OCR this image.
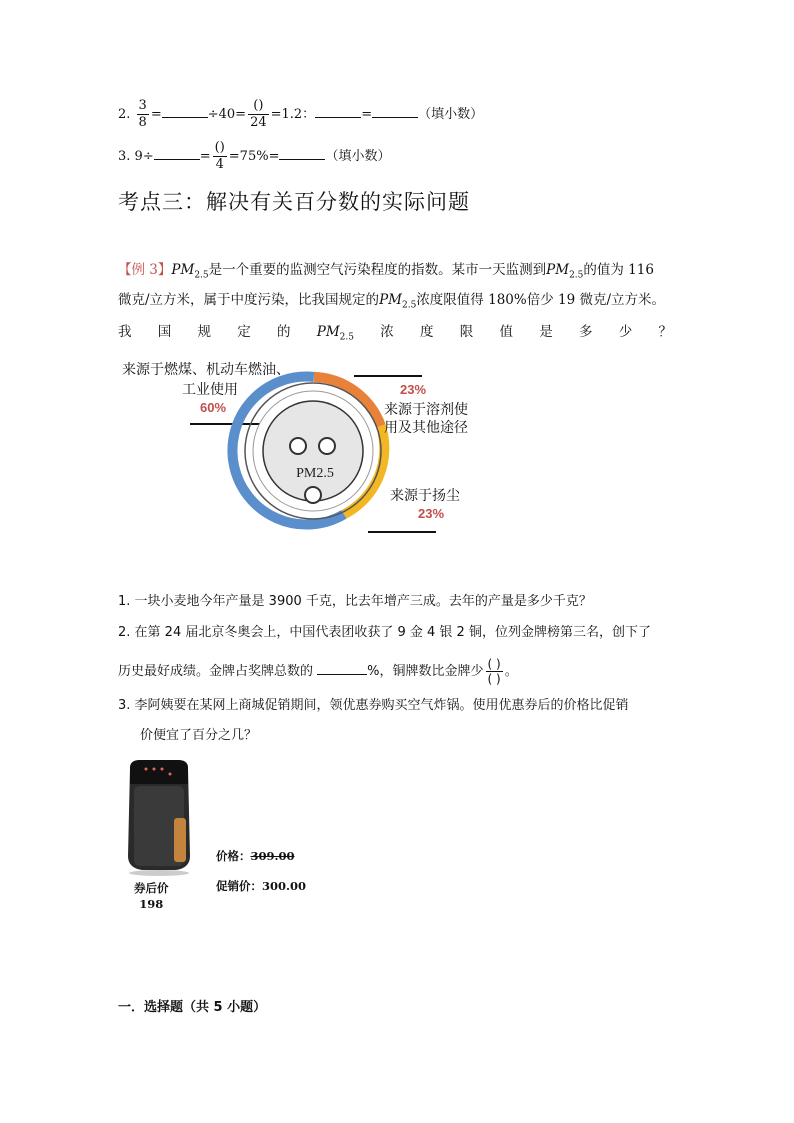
2. $\frac{3}{8}$ =	$\div 40= \frac{()}{24} =1.2$：	=	（填小数）
3. 9÷	= $\frac{()}{4} =75\%=$	（填小数）
考点三：解决有关百分数的实际问题
【例 3】$PM_{2.5}$是一个重要的监测空气污染程度的指数。某市一天监测到$PM_{2.5}$的值为 116
微克/立方米，属于中度污染，比我国规定的$PM_{2.5}$浓度限值得 180%倍少 19 微克/立方米。
我 国 规 定 的 $PM_{2.5}$ 浓 度 限 值 是 多 少 ？
PM2.5
来源于燃煤、机动车燃油、
工业使用
60%
23%
来源于溶剂使
用及其他途径
来源于扬尘
23%
1. 一块小麦地今年产量是 3900 千克，比去年增产三成。去年的产量是多少千克？
2. 在第 24 届北京冬奥会上，中国代表团收获了 9 金 4 银 2 铜，位列金牌榜第三名，创下了
历史最好成绩。金牌占奖牌总数的	%，铜牌数比金牌少 $\frac{( )}{( )}$ 。
3. 李阿姨要在某网上商城促销期间，领优惠券购买空气炸锅。使用优惠券后的价格比促销
价便宜了百分之几？
价格：309.00
促销价：300.00
券后价
198
一．选择题（共 5 小题）
